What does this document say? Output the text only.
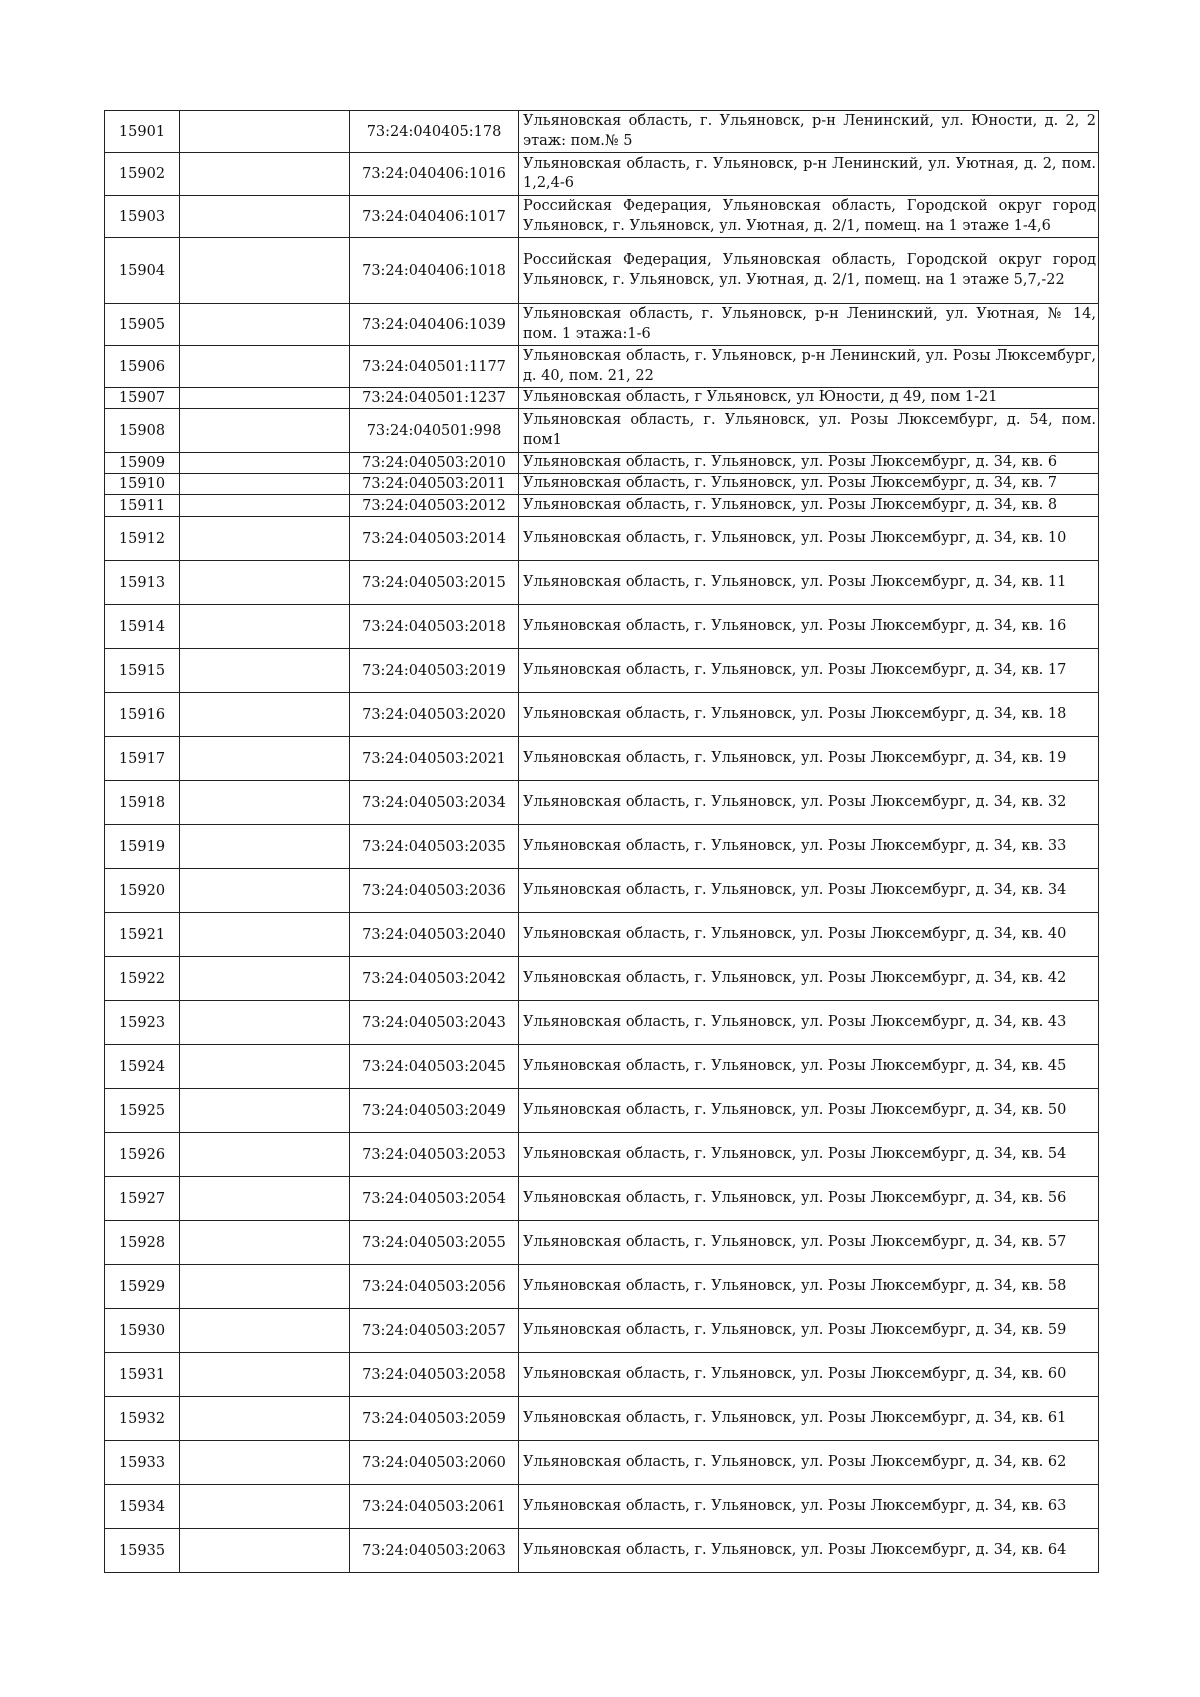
15901		73:24:040405:178	Ульяновская область, г. Ульяновск, р-н Ленинский, ул. Юности, д. 2, 2 этаж: пом.№ 5
15902		73:24:040406:1016	Ульяновская область, г. Ульяновск, р-н Ленинский, ул. Уютная, д. 2, пом. 1,2,4-6
15903		73:24:040406:1017	Российская Федерация, Ульяновская область, Городской округ город Ульяновск, г. Ульяновск, ул. Уютная, д. 2/1, помещ. на 1 этаже 1-4,6
15904		73:24:040406:1018	Российская Федерация, Ульяновская область, Городской округ город Ульяновск, г. Ульяновск, ул. Уютная, д. 2/1, помещ. на 1 этаже 5,7,-22
15905		73:24:040406:1039	Ульяновская область, г. Ульяновск, р-н Ленинский, ул. Уютная, № 14, пом. 1 этажа:1-6
15906		73:24:040501:1177	Ульяновская область, г. Ульяновск, р-н Ленинский, ул. Розы Люксембург, д. 40, пом. 21, 22
15907		73:24:040501:1237	Ульяновская область, г Ульяновск, ул Юности, д 49, пом 1-21
15908		73:24:040501:998	Ульяновская область, г. Ульяновск, ул. Розы Люксембург, д. 54, пом. пом1
15909		73:24:040503:2010	Ульяновская область, г. Ульяновск, ул. Розы Люксембург, д. 34, кв. 6
15910		73:24:040503:2011	Ульяновская область, г. Ульяновск, ул. Розы Люксембург, д. 34, кв. 7
15911		73:24:040503:2012	Ульяновская область, г. Ульяновск, ул. Розы Люксембург, д. 34, кв. 8
15912		73:24:040503:2014	Ульяновская область, г. Ульяновск, ул. Розы Люксембург, д. 34, кв. 10
15913		73:24:040503:2015	Ульяновская область, г. Ульяновск, ул. Розы Люксембург, д. 34, кв. 11
15914		73:24:040503:2018	Ульяновская область, г. Ульяновск, ул. Розы Люксембург, д. 34, кв. 16
15915		73:24:040503:2019	Ульяновская область, г. Ульяновск, ул. Розы Люксембург, д. 34, кв. 17
15916		73:24:040503:2020	Ульяновская область, г. Ульяновск, ул. Розы Люксембург, д. 34, кв. 18
15917		73:24:040503:2021	Ульяновская область, г. Ульяновск, ул. Розы Люксембург, д. 34, кв. 19
15918		73:24:040503:2034	Ульяновская область, г. Ульяновск, ул. Розы Люксембург, д. 34, кв. 32
15919		73:24:040503:2035	Ульяновская область, г. Ульяновск, ул. Розы Люксембург, д. 34, кв. 33
15920		73:24:040503:2036	Ульяновская область, г. Ульяновск, ул. Розы Люксембург, д. 34, кв. 34
15921		73:24:040503:2040	Ульяновская область, г. Ульяновск, ул. Розы Люксембург, д. 34, кв. 40
15922		73:24:040503:2042	Ульяновская область, г. Ульяновск, ул. Розы Люксембург, д. 34, кв. 42
15923		73:24:040503:2043	Ульяновская область, г. Ульяновск, ул. Розы Люксембург, д. 34, кв. 43
15924		73:24:040503:2045	Ульяновская область, г. Ульяновск, ул. Розы Люксембург, д. 34, кв. 45
15925		73:24:040503:2049	Ульяновская область, г. Ульяновск, ул. Розы Люксембург, д. 34, кв. 50
15926		73:24:040503:2053	Ульяновская область, г. Ульяновск, ул. Розы Люксембург, д. 34, кв. 54
15927		73:24:040503:2054	Ульяновская область, г. Ульяновск, ул. Розы Люксембург, д. 34, кв. 56
15928		73:24:040503:2055	Ульяновская область, г. Ульяновск, ул. Розы Люксембург, д. 34, кв. 57
15929		73:24:040503:2056	Ульяновская область, г. Ульяновск, ул. Розы Люксембург, д. 34, кв. 58
15930		73:24:040503:2057	Ульяновская область, г. Ульяновск, ул. Розы Люксембург, д. 34, кв. 59
15931		73:24:040503:2058	Ульяновская область, г. Ульяновск, ул. Розы Люксембург, д. 34, кв. 60
15932		73:24:040503:2059	Ульяновская область, г. Ульяновск, ул. Розы Люксембург, д. 34, кв. 61
15933		73:24:040503:2060	Ульяновская область, г. Ульяновск, ул. Розы Люксембург, д. 34, кв. 62
15934		73:24:040503:2061	Ульяновская область, г. Ульяновск, ул. Розы Люксембург, д. 34, кв. 63
15935		73:24:040503:2063	Ульяновская область, г. Ульяновск, ул. Розы Люксембург, д. 34, кв. 64
